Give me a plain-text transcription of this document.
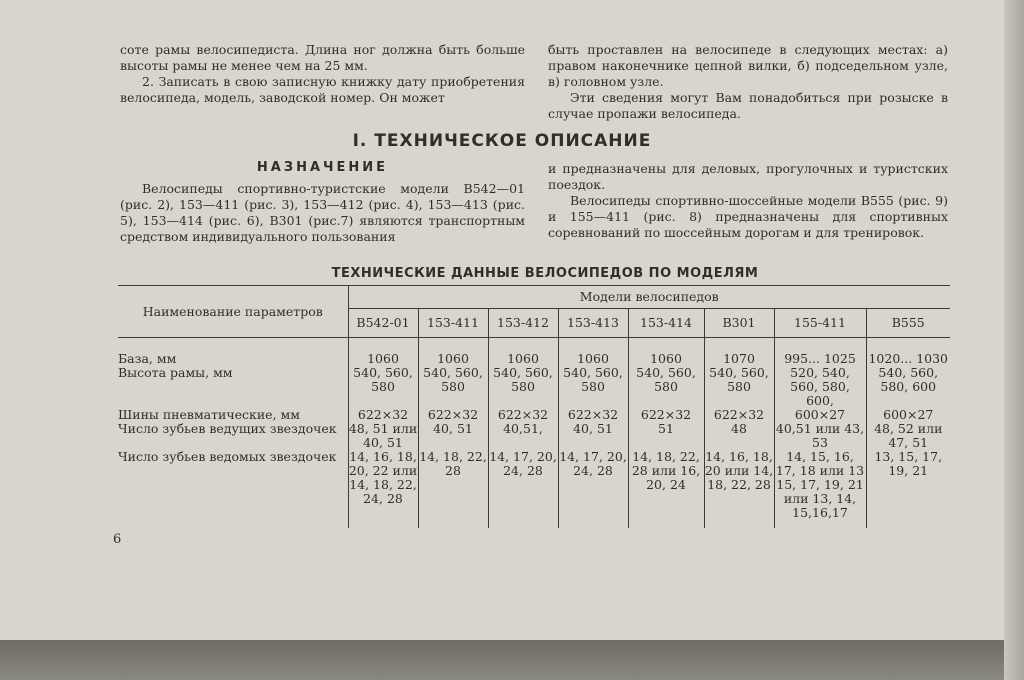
соте рамы велосипедиста. Длина ног должна быть больше высоты рамы не менее чем на 25 мм.

2. Записать в свою записную книжку дату приобретения велосипеда, модель, заводской номер. Он может

быть проставлен на велосипеде в следующих местах: а) правом наконечнике цепной вилки, б) подседельном узле, в) головном узле.

Эти сведения могут Вам понадобиться при розыске в случае пропажи велосипеда.

I. ТЕХНИЧЕСКОЕ ОПИСАНИЕ
НАЗНАЧЕНИЕ

Велосипеды спортивно-туристские модели В542—01 (рис. 2), 153—411 (рис. 3), 153—412 (рис. 4), 153—413 (рис. 5), 153—414 (рис. 6), В301 (рис.7) являются транспортным средством индивидуального пользования

и предназначены для деловых, прогулочных и туристских поездок.

Велосипеды спортивно-шоссейные модели В555 (рис. 9) и 155—411 (рис. 8) предназначены для спортивных соревнований по шоссейным дорогам и для тренировок.

ТЕХНИЧЕСКИЕ ДАННЫЕ ВЕЛОСИПЕДОВ ПО МОДЕЛЯМ
Наименование параметров	Модели велосипедов							
	В542-01	153-411	153-412	153-413	153-414	В301	155-411	В555

База, мм	1060	1060	1060	1060	1060	1070	995... 1025	1020... 1030
Высота рамы, мм	540, 560, 580	540, 560, 580	540, 560, 580	540, 560, 580	540, 560, 580	540, 560, 580	520, 540, 560, 580, 600,	540, 560, 580, 600
Шины пневматические, мм	622×32	622×32	622×32	622×32	622×32	622×32	600×27	600×27
Число зубьев ведущих звездочек	48, 51 или 40, 51	40, 51	40,51,	40, 51	51	48	40,51 или 43, 53	48, 52 или 47, 51
Число зубьев ведомых звездочек	14, 16, 18, 20, 22 или 14, 18, 22, 24, 28	14, 18, 22, 28	14, 17, 20, 24, 28	14, 17, 20, 24, 28	14, 18, 22, 28 или 16, 20, 24	14, 16, 18, 20 или 14, 18, 22, 28	14, 15, 16, 17, 18 или 13 15, 17, 19, 21 или 13, 14, 15,16,17	13, 15, 17, 19, 21

6
